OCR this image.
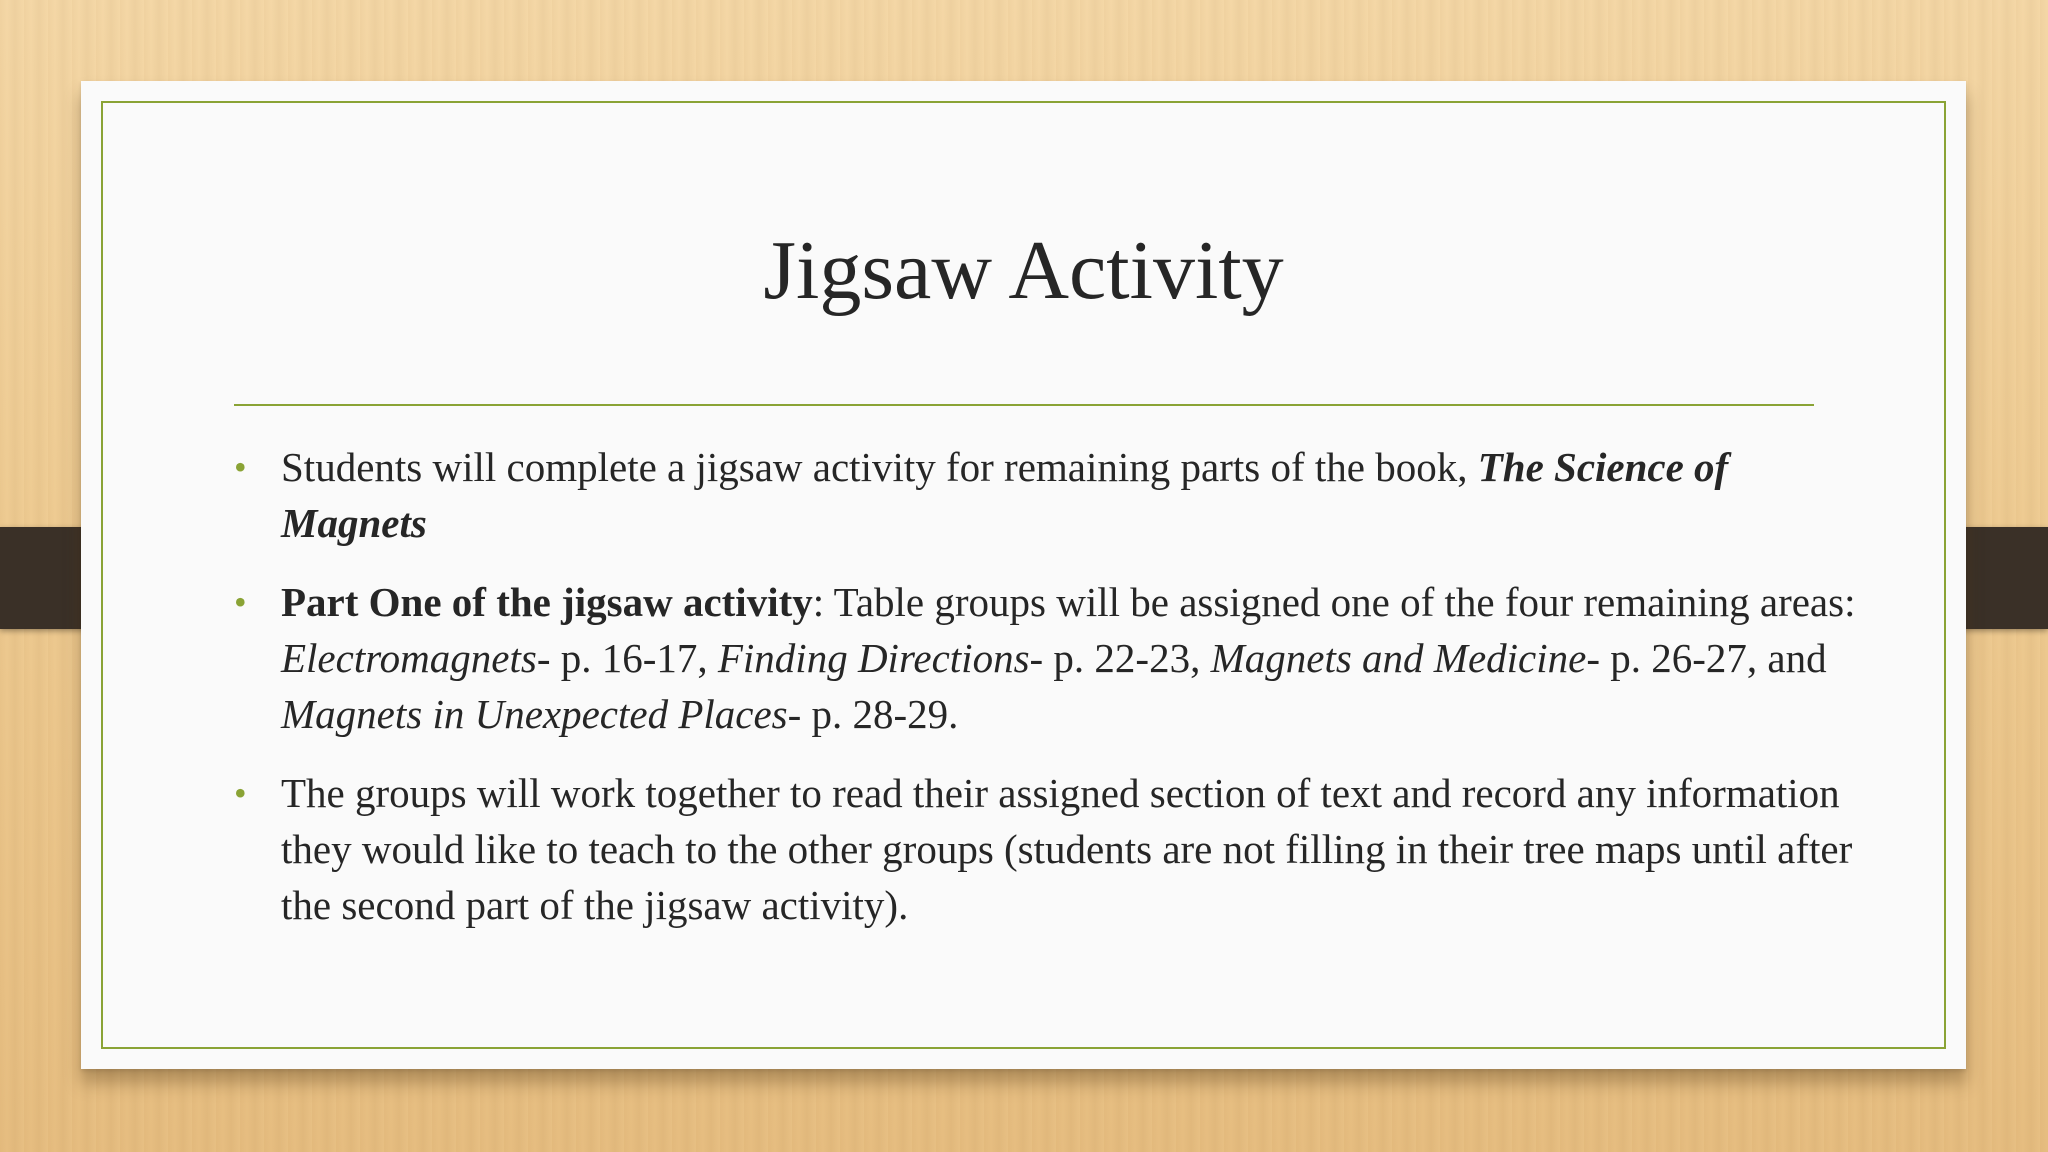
Jigsaw Activity
• Students will complete a jigsaw activity for remaining parts of the book, The Science of Magnets
• Part One of the jigsaw activity: Table groups will be assigned one of the four remaining areas: Electromagnets- p. 16-17, Finding Directions- p. 22-23, Magnets and Medicine- p. 26-27, and Magnets in Unexpected Places- p. 28-29.
• The groups will work together to read their assigned section of text and record any information they would like to teach to the other groups (students are not filling in their tree maps until after the second part of the jigsaw activity).
